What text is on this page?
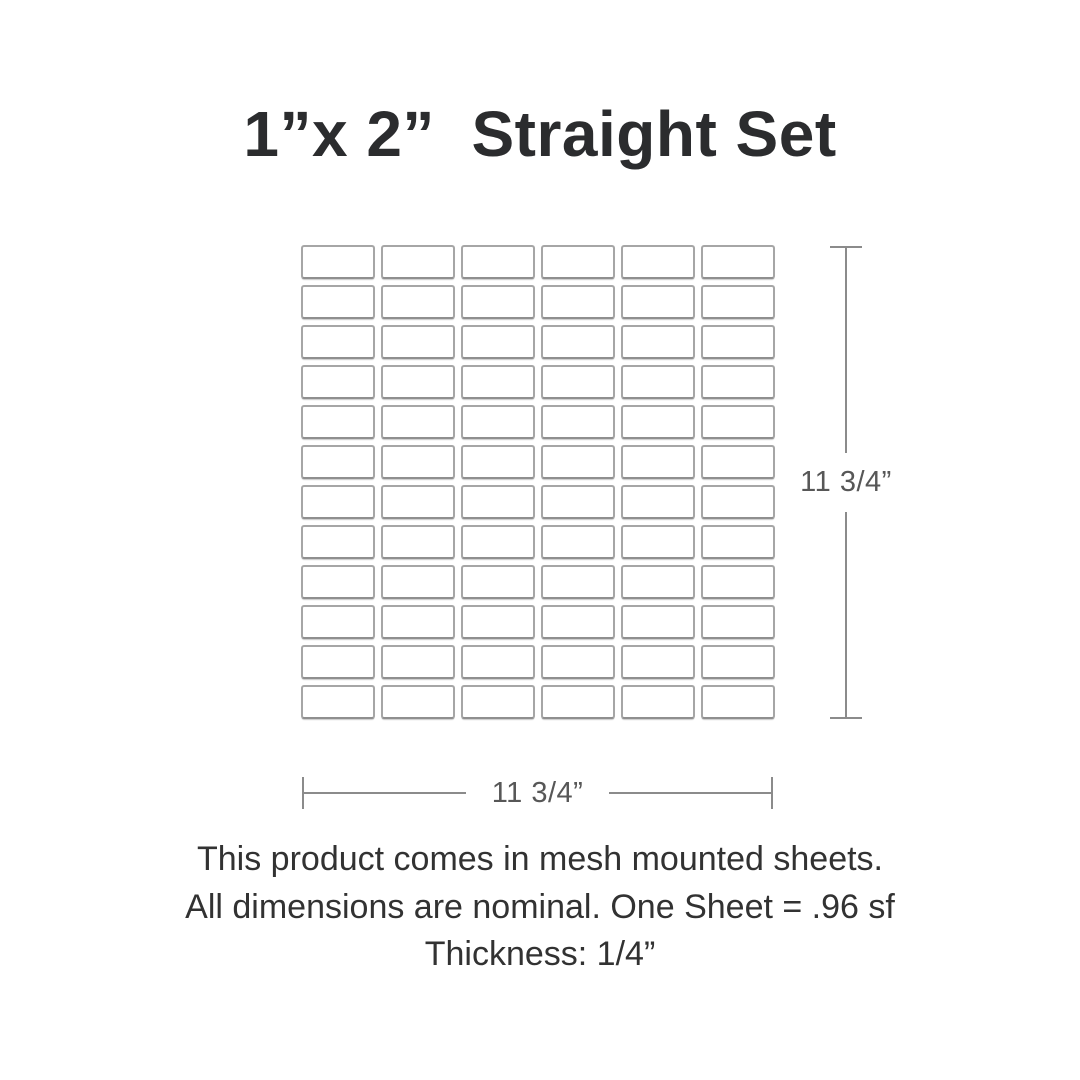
1”x 2”  Straight Set
11 3/4”
11 3/4”

This product comes in mesh mounted sheets.

All dimensions are nominal. One Sheet = .96 sf

Thickness: 1/4”
